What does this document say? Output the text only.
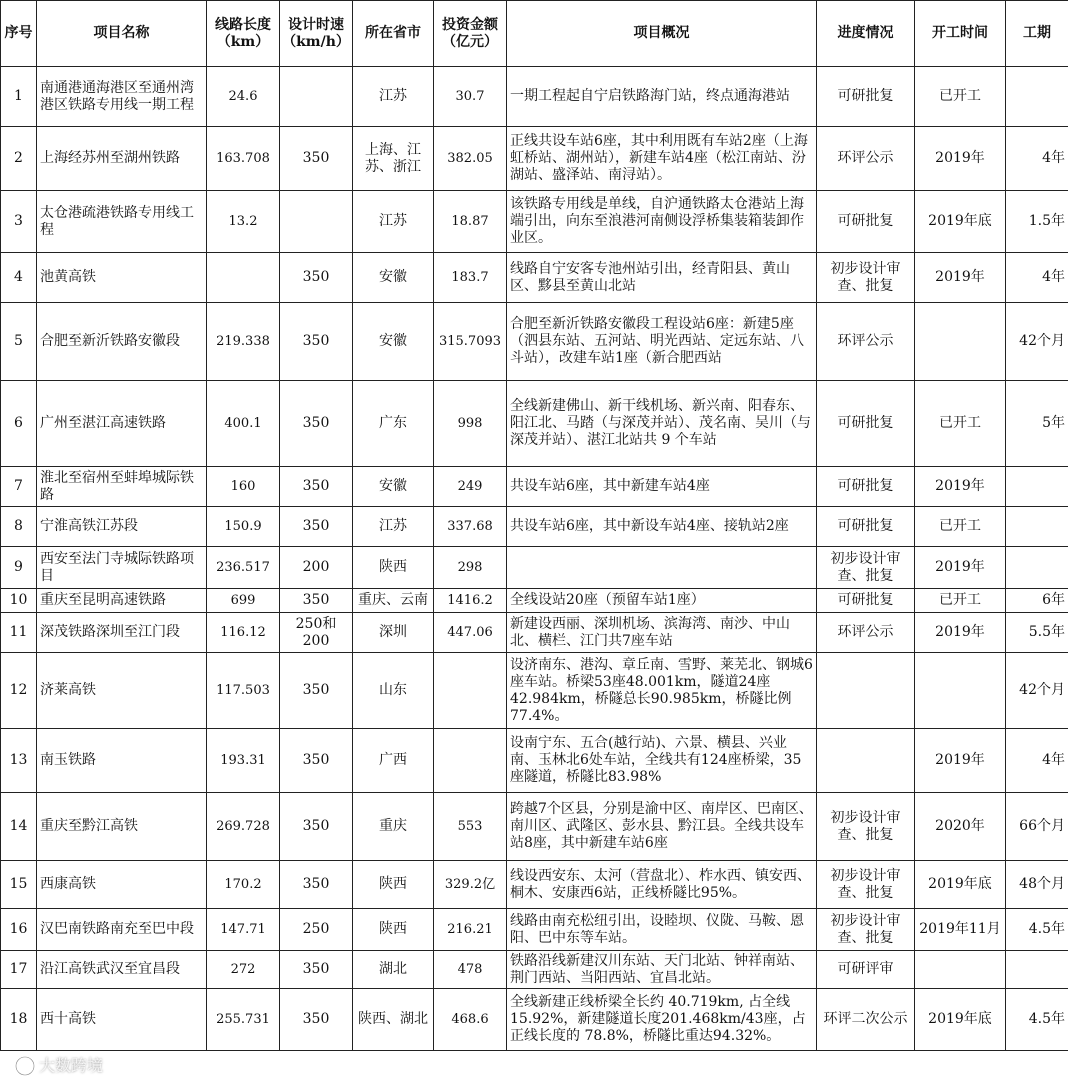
序号	项目名称	线路长度（km）	设计时速（km/h）	所在省市	投资金额（亿元）	项目概况	进度情况	开工时间	工期
1	南通港通海港区至通州湾港区铁路专用线一期工程	24.6		江苏	30.7	一期工程起自宁启铁路海门站，终点通海港站	可研批复	已开工	
2	上海经苏州至湖州铁路	163.708	350	上海、江苏、浙江	382.05	正线共设车站6座，其中利用既有车站2座（上海虹桥站、湖州站），新建车站4座（松江南站、汾湖站、盛泽站、南浔站）。	环评公示	2019年	4年
3	太仓港疏港铁路专用线工程	13.2		江苏	18.87	该铁路专用线是单线，自沪通铁路太仓港站上海端引出，向东至浪港河南侧设浮桥集装箱装卸作业区。	可研批复	2019年底	1.5年
4	池黄高铁		350	安徽	183.7	线路自宁安客专池州站引出，经青阳县、黄山区、黟县至黄山北站	初步设计审查、批复	2019年	4年
5	合肥至新沂铁路安徽段	219.338	350	安徽	315.7093	合肥至新沂铁路安徽段工程设站6座：新建5座（泗县东站、五河站、明光西站、定远东站、八斗站），改建车站1座（新合肥西站	环评公示		42个月
6	广州至湛江高速铁路	400.1	350	广东	998	全线新建佛山、新干线机场、新兴南、阳春东、阳江北、马踏（与深茂并站）、茂名南、吴川（与深茂并站）、湛江北站共 9 个车站	可研批复	已开工	5年
7	淮北至宿州至蚌埠城际铁路	160	350	安徽	249	共设车站6座，其中新建车站4座	可研批复	2019年	
8	宁淮高铁江苏段	150.9	350	江苏	337.68	共设车站6座，其中新设车站4座、接轨站2座	可研批复	已开工	
9	西安至法门寺城际铁路项目	236.517	200	陕西	298		初步设计审查、批复	2019年	
10	重庆至昆明高速铁路	699	350	重庆、云南	1416.2	全线设站20座（预留车站1座）	可研批复	已开工	6年
11	深茂铁路深圳至江门段	116.12	250和200	深圳	447.06	新建设西丽、深圳机场、滨海湾、南沙、中山北、横栏、江门共7座车站	环评公示	2019年	5.5年
12	济莱高铁	117.503	350	山东		设济南东、港沟、章丘南、雪野、莱芜北、钢城6座车站。桥梁53座48.001km，隧道24座42.984km，桥隧总长90.985km，桥隧比例77.4%。			42个月
13	南玉铁路	193.31	350	广西		设南宁东、五合(越行站)、六景、横县、兴业南、玉林北6处车站，全线共有124座桥梁，35座隧道，桥隧比83.98%		2019年	4年
14	重庆至黔江高铁	269.728	350	重庆	553	跨越7个区县，分别是渝中区、南岸区、巴南区、南川区、武隆区、彭水县、黔江县。全线共设车站8座，其中新建车站6座	初步设计审查、批复	2020年	66个月
15	西康高铁	170.2	350	陕西	329.2亿	线设西安东、太河（营盘北）、柞水西、镇安西、桐木、安康西6站，正线桥隧比95%。	初步设计审查、批复	2019年底	48个月
16	汉巴南铁路南充至巴中段	147.71	250	陕西	216.21	线路由南充松纽引出，设睦坝、仪陇、马鞍、恩阳、巴中东等车站。	初步设计审查、批复	2019年11月	4.5年
17	沿江高铁武汉至宜昌段	272	350	湖北	478	铁路沿线新建汉川东站、天门北站、钟祥南站、荆门西站、当阳西站、宜昌北站。	可研评审		
18	西十高铁	255.731	350	陕西、湖北	468.6	全线新建正线桥梁全长约 40.719km, 占全线 15.92%，新建隧道长度201.468km/43座，占正线长度的 78.8%，桥隧比重达94.32%。	环评二次公示	2019年底	4.5年
大数跨境
